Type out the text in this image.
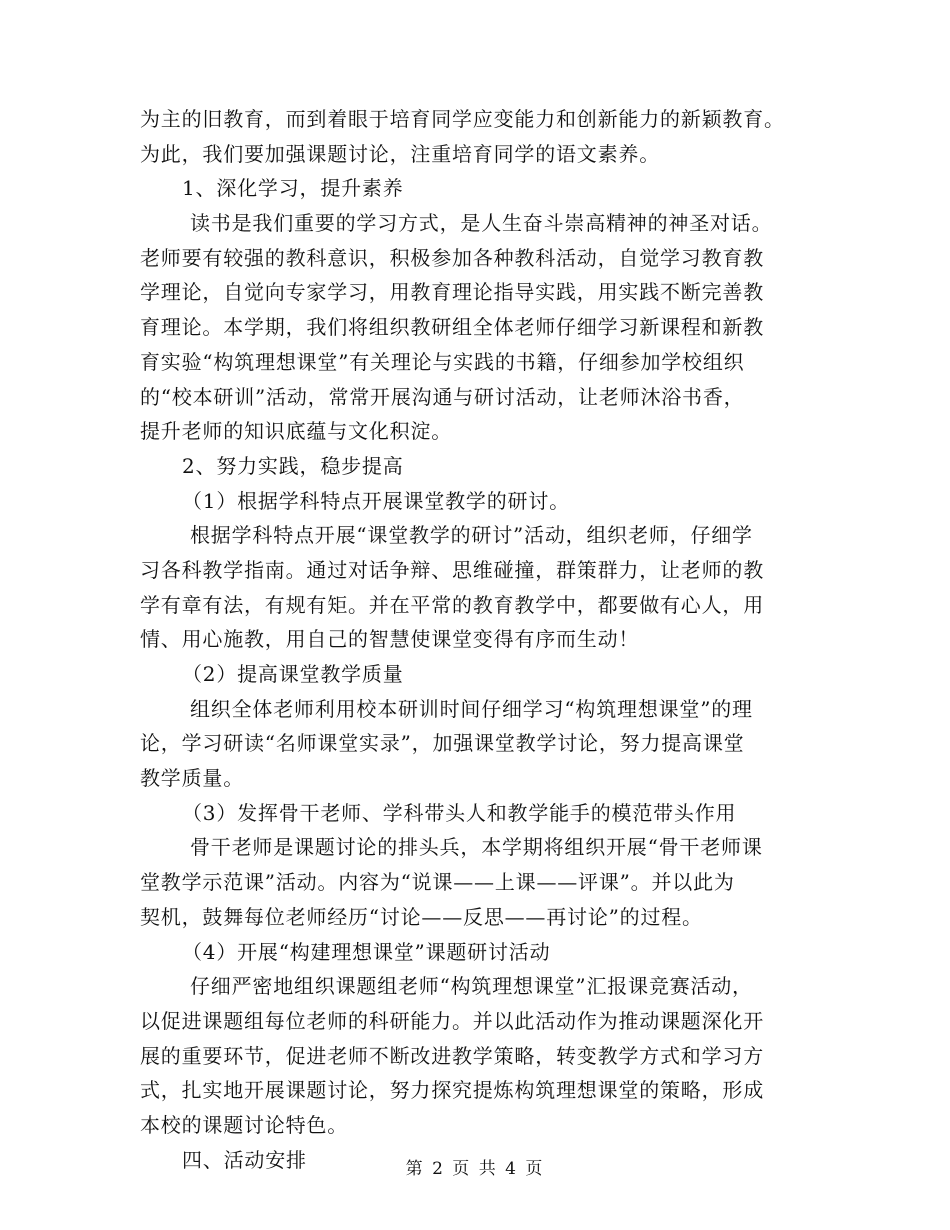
为主的旧教育，而到着眼于培育同学应变能力和创新能力的新颖教育。
为此，我们要加强课题讨论，注重培育同学的语文素养。
1、深化学习，提升素养
读书是我们重要的学习方式，是人生奋斗崇高精神的神圣对话。
老师要有较强的教科意识，积极参加各种教科活动，自觉学习教育教
学理论，自觉向专家学习，用教育理论指导实践，用实践不断完善教
育理论。本学期，我们将组织教研组全体老师仔细学习新课程和新教
育实验“构筑理想课堂”有关理论与实践的书籍，仔细参加学校组织
的“校本研训”活动，常常开展沟通与研讨活动，让老师沐浴书香，
提升老师的知识底蕴与文化积淀。
2、努力实践，稳步提高
（1）根据学科特点开展课堂教学的研讨。
根据学科特点开展“课堂教学的研讨”活动，组织老师，仔细学
习各科教学指南。通过对话争辩、思维碰撞，群策群力，让老师的教
学有章有法，有规有矩。并在平常的教育教学中，都要做有心人，用
情、用心施教，用自己的智慧使课堂变得有序而生动！
（2）提高课堂教学质量
组织全体老师利用校本研训时间仔细学习“构筑理想课堂”的理
论，学习研读“名师课堂实录”，加强课堂教学讨论，努力提高课堂
教学质量。
（3）发挥骨干老师、学科带头人和教学能手的模范带头作用
骨干老师是课题讨论的排头兵，本学期将组织开展“骨干老师课
堂教学示范课”活动。内容为“说课——上课——评课”。并以此为
契机，鼓舞每位老师经历“讨论——反思——再讨论”的过程。
（4）开展“构建理想课堂”课题研讨活动
仔细严密地组织课题组老师“构筑理想课堂”汇报课竞赛活动，
以促进课题组每位老师的科研能力。并以此活动作为推动课题深化开
展的重要环节，促进老师不断改进教学策略，转变教学方式和学习方
式，扎实地开展课题讨论，努力探究提炼构筑理想课堂的策略，形成
本校的课题讨论特色。
四、活动安排	第 2 页 共 4 页
